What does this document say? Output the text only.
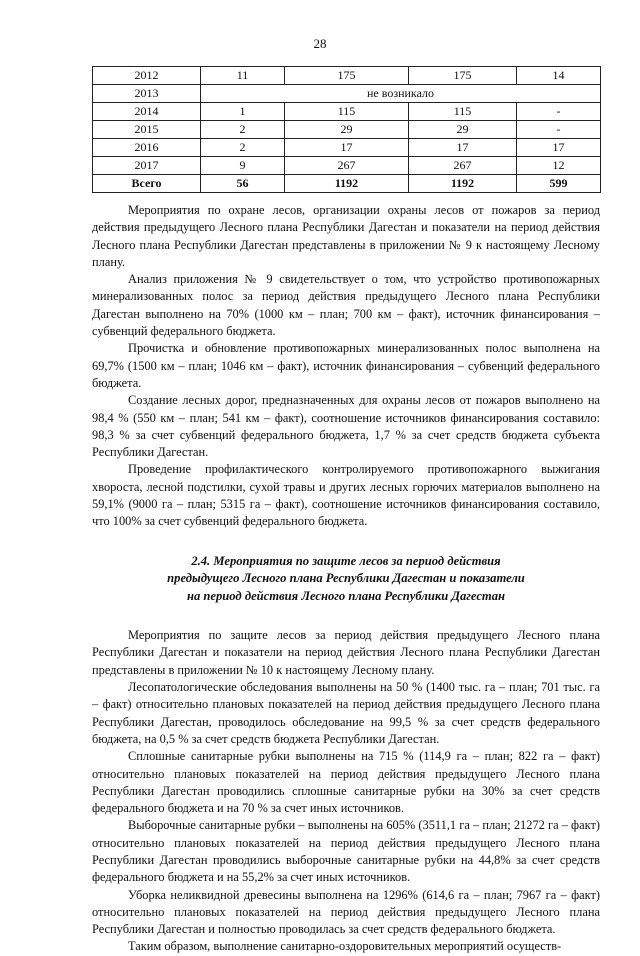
28
2012	11	175	175	14
2013	не возникало			
2014	1	115	115	-
2015	2	29	29	-
2016	2	17	17	17
2017	9	267	267	12
Всего	56	1192	1192	599

Мероприятия по охране лесов, организации охраны лесов от пожаров за период действия предыдущего Лесного плана Республики Дагестан и показатели на период действия Лесного плана Республики Дагестан представлены в приложении № 9 к настоящему Лесному плану.

Анализ приложения № 9 свидетельствует о том, что устройство противопожарных минерализованных полос за период действия предыдущего Лесного плана Республики Дагестан выполнено на 70% (1000 км – план; 700 км – факт), источник финансирования – субвенций федерального бюджета.

Прочистка и обновление противопожарных минерализованных полос выполнена на 69,7% (1500 км – план; 1046 км – факт), источник финансирования – субвенций федерального бюджета.

Создание лесных дорог, предназначенных для охраны лесов от пожаров выполнено на 98,4 % (550 км – план; 541 км – факт), соотношение источников финансирования составило: 98,3 % за счет субвенций федерального бюджета, 1,7 % за счет средств бюджета субъекта Республики Дагестан.

Проведение профилактического контролируемого противопожарного выжигания хвороста, лесной подстилки, сухой травы и других лесных горючих материалов выполнено на 59,1% (9000 га – план; 5315 га – факт), соотношение источников финансирования составило, что 100% за счет субвенций федерального бюджета.

2.4. Мероприятия по защите лесов за период действия
предыдущего Лесного плана Республики Дагестан и показатели
на период действия Лесного плана Республики Дагестан

Мероприятия по защите лесов за период действия предыдущего Лесного плана Республики Дагестан и показатели на период действия Лесного плана Республики Дагестан представлены в приложении № 10 к настоящему Лесному плану.

Лесопатологические обследования выполнены на 50 % (1400 тыс. га – план; 701 тыс. га – факт) относительно плановых показателей на период действия предыдущего Лесного плана Республики Дагестан, проводилось обследование на 99,5 % за счет средств федерального бюджета, на 0,5 % за счет средств бюджета Республики Дагестан.

Сплошные санитарные рубки выполнены на 715 % (114,9 га – план; 822 га – факт) относительно плановых показателей на период действия предыдущего Лесного плана Республики Дагестан проводились сплошные санитарные рубки на 30% за счет средств федерального бюджета и на 70 % за счет иных источников.

Выборочные санитарные рубки – выполнены на 605% (3511,1 га – план; 21272 га – факт) относительно плановых показателей на период действия предыдущего Лесного плана Республики Дагестан проводились выборочные санитарные рубки на 44,8% за счет средств федерального бюджета и на 55,2% за счет иных источников.

Уборка неликвидной древесины выполнена на 1296% (614,6 га – план; 7967 га – факт) относительно плановых показателей на период действия предыдущего Лесного плана Республики Дагестан и полностью проводилась за счет средств федерального бюджета.

Таким образом, выполнение санитарно-оздоровительных мероприятий осуществ-
